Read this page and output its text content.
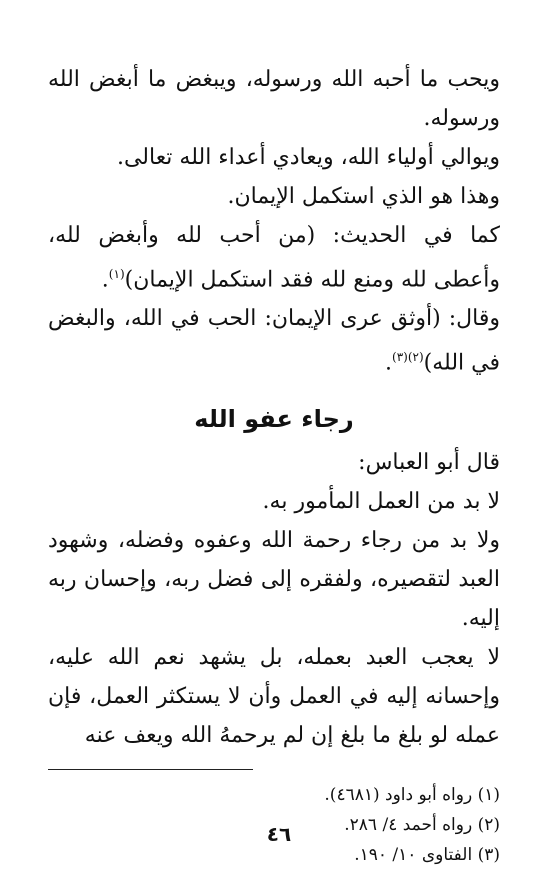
ويحب ما أحبه الله ورسوله، ويبغض ما أبغض الله ورسوله.

ويوالي أولياء الله، ويعادي أعداء الله تعالى.

وهذا هو الذي استكمل الإيمان.

كما في الحديث: (من أحب لله وأبغض لله، وأعطى لله ومنع لله فقد استكمل الإيمان)$^{(١)}$.

وقال: (أوثق عرى الإيمان: الحب في الله، والبغض في الله)$^{(٢)(٣)}$.

رجاء عفو الله

قال أبو العباس:

لا بد من العمل المأمور به.

ولا بد من رجاء رحمة الله وعفوه وفضله، وشهود العبد لتقصيره، ولفقره إلى فضل ربه، وإحسان ربه إليه.

لا يعجب العبد بعمله، بل يشهد نعم الله عليه، وإحسانه إليه في العمل وأن لا يستكثر العمل، فإن عمله لو بلغ ما بلغ إن لم يرحمهُ الله ويعف عنه

(١) رواه أبو داود (٤٦٨١).
(٢) رواه أحمد ٤/ ٢٨٦.
(٣) الفتاوى ١٠/ ١٩٠.
٤٦
